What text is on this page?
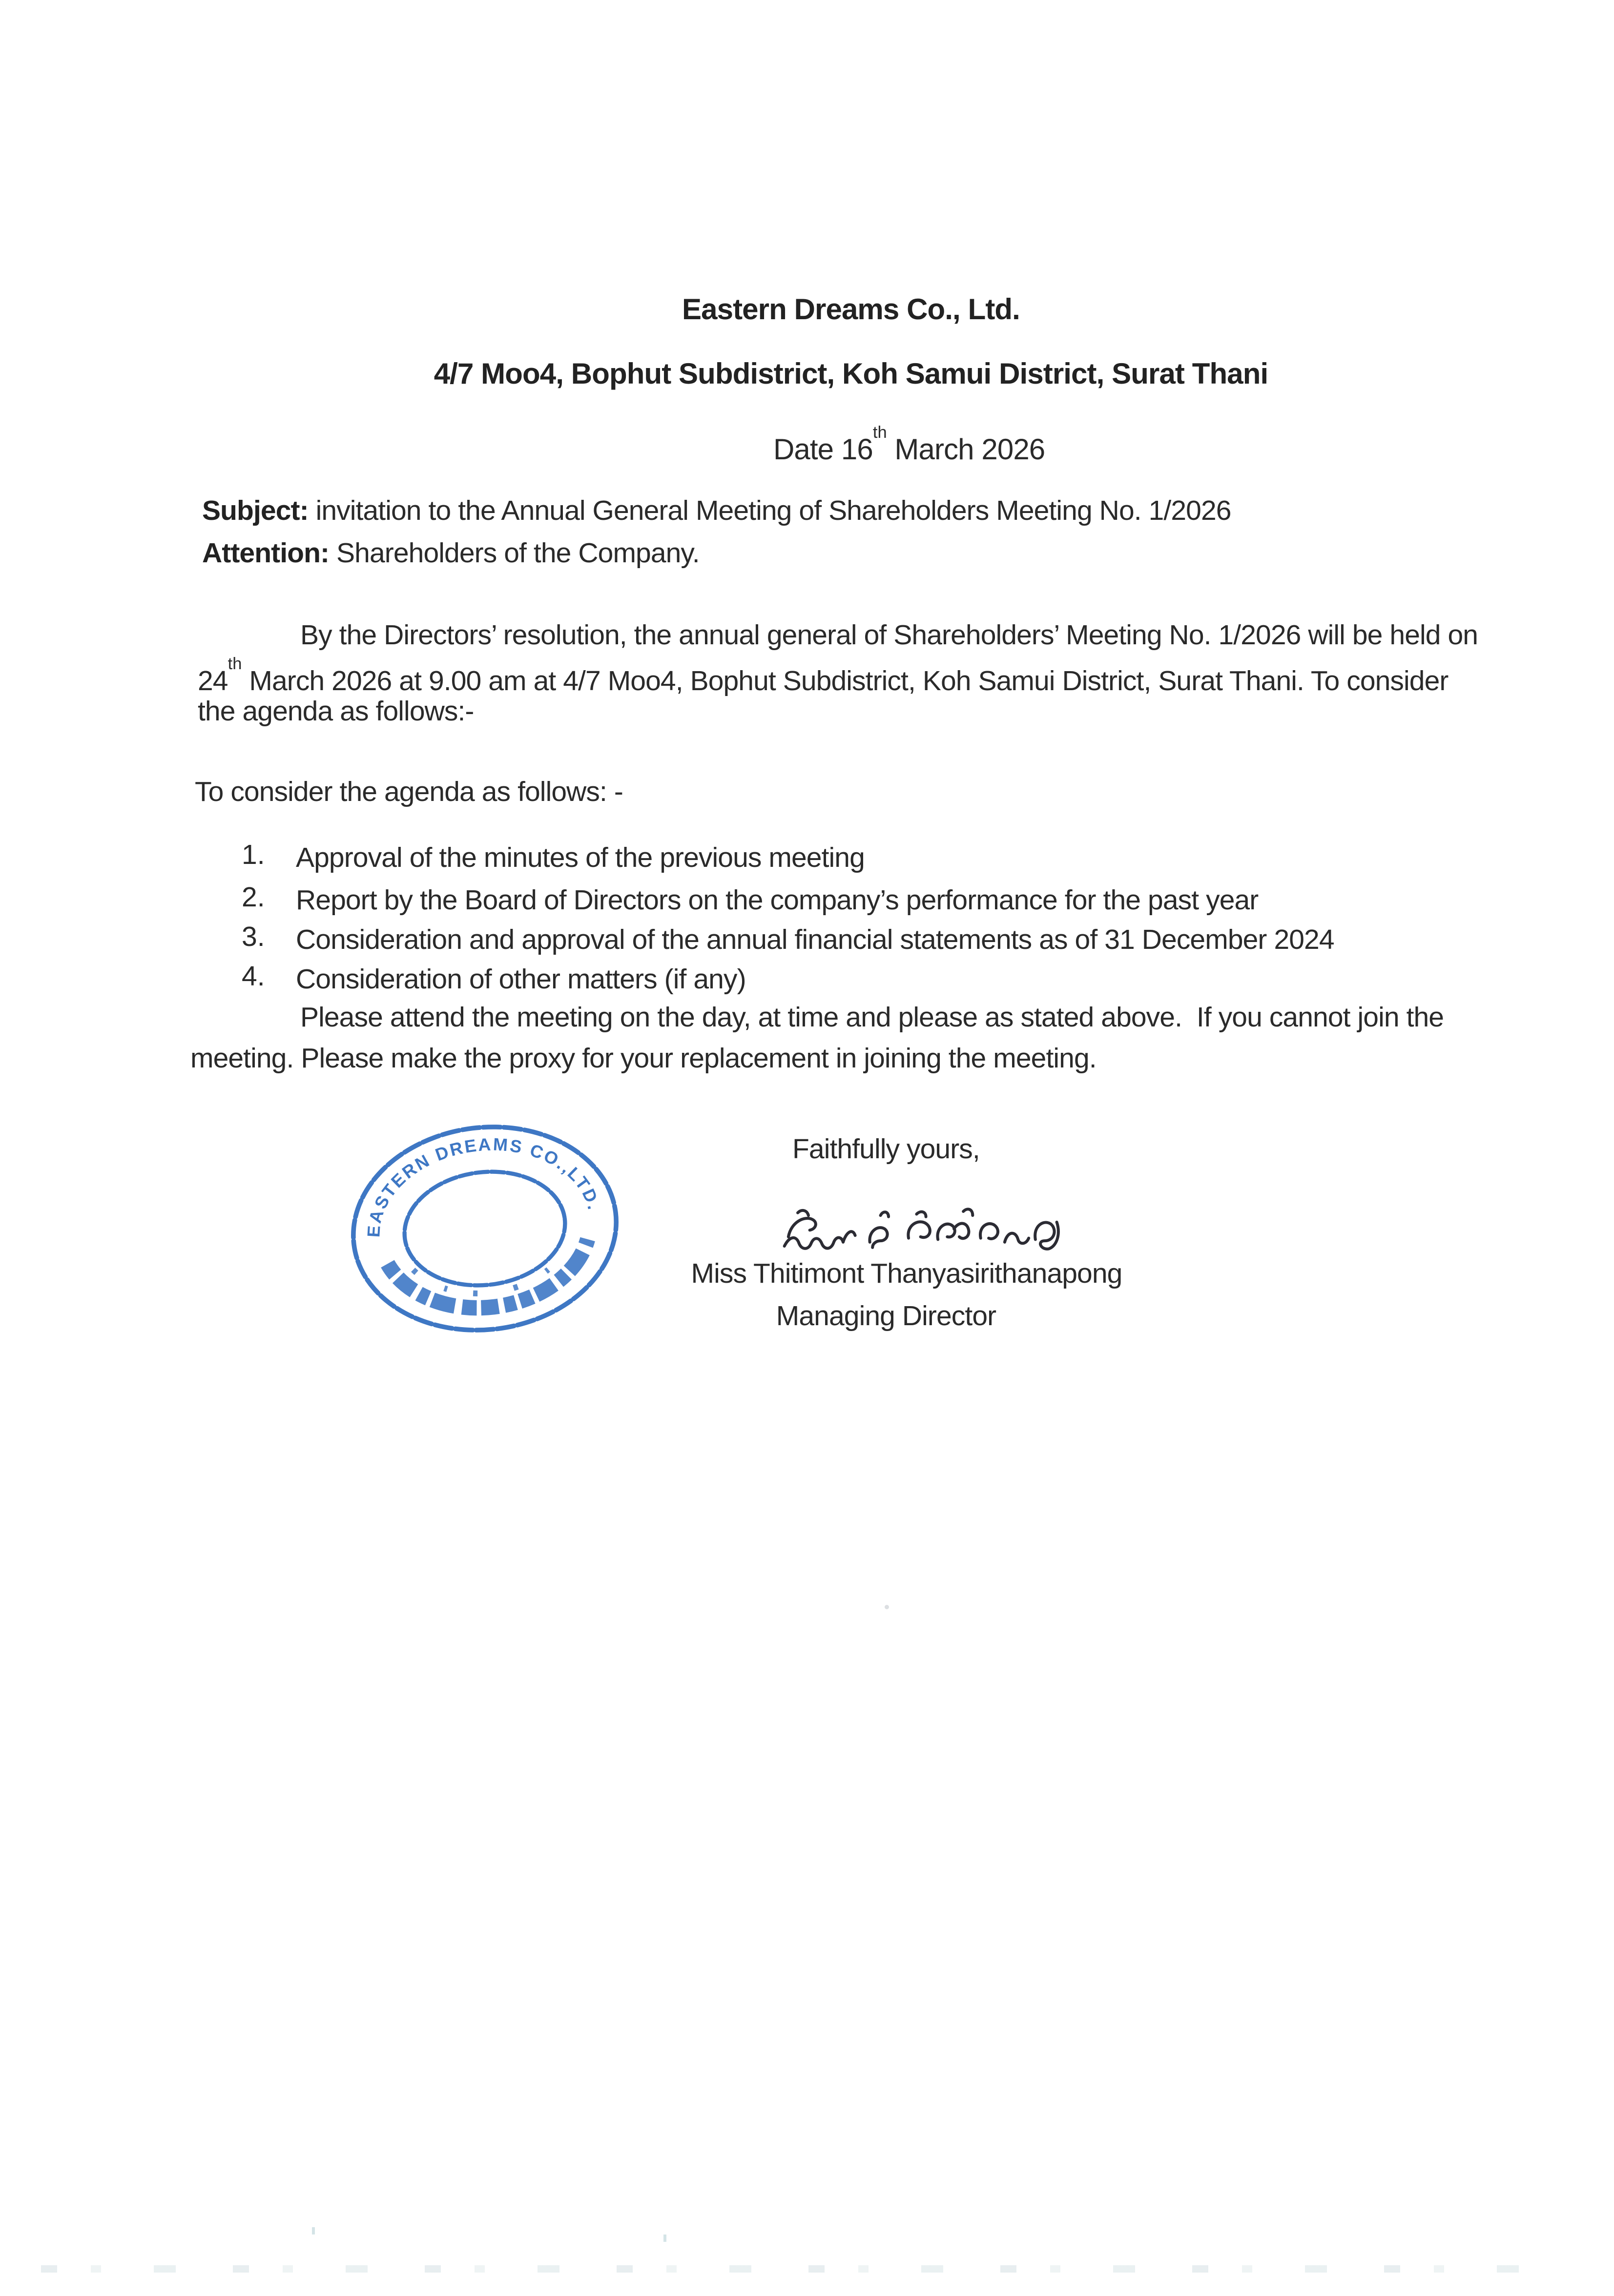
Eastern Dreams Co., Ltd.
4/7 Moo4, Bophut Subdistrict, Koh Samui District, Surat Thani
Date 16th March 2026
Subject: invitation to the Annual General Meeting of Shareholders Meeting No. 1/2026
Attention: Shareholders of the Company.
By the Directors’ resolution, the annual general of Shareholders’ Meeting No. 1/2026 will be held on
24th March 2026 at 9.00 am at 4/7 Moo4, Bophut Subdistrict, Koh Samui District, Surat Thani. To consider
the agenda as follows:-
To consider the agenda as follows: -
1.	Approval of the minutes of the previous meeting
2.	Report by the Board of Directors on the company’s performance for the past year
3.	Consideration and approval of the annual financial statements as of 31 December 2024
4.	Consideration of other matters (if any)
Please attend the meeting on the day, at time and please as stated above.  If you cannot join the
meeting. Please make the proxy for your replacement in joining the meeting.
Faithfully yours,
EASTERN DREAMS CO.,LTD.
Miss Thitimont Thanyasirithanapong
Managing Director
